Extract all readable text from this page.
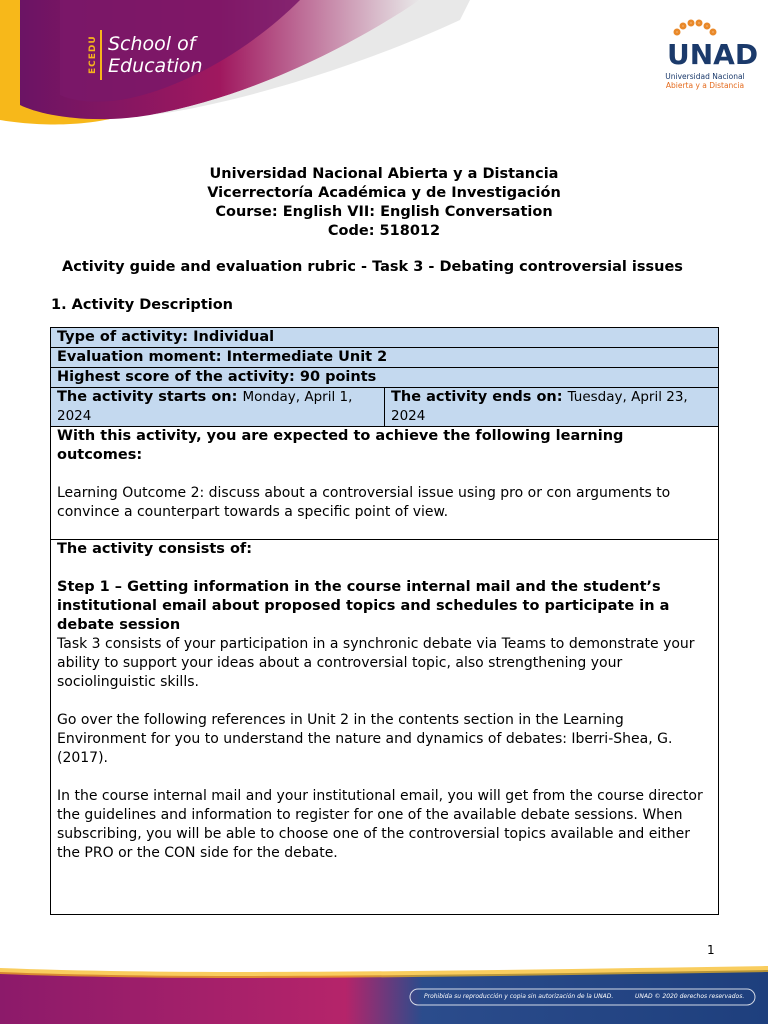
ECEDU School of
Education	UNAD
Universidad Nacional
Abierta y a Distancia
Universidad Nacional Abierta y a Distancia
Vicerrectoría Académica y de Investigación
Course: English VII: English Conversation
Code: 518012
Activity guide and evaluation rubric - Task 3 - Debating controversial issues
1. Activity Description
Type of activity: Individual
Evaluation moment: Intermediate Unit 2
Highest score of the activity: 90 points
The activity starts on: Monday, April 1, 2024	The activity ends on: Tuesday, April 23, 2024

With this activity, you are expected to achieve the following learning outcomes:

Learning Outcome 2: discuss about a controversial issue using pro or con arguments to convince a counterpart towards a specific point of view.

The activity consists of:

Step 1 – Getting information in the course internal mail and the student’s institutional email about proposed topics and schedules to participate in a debate session

Task 3 consists of your participation in a synchronic debate via Teams to demonstrate your ability to support your ideas about a controversial topic, also strengthening your sociolinguistic skills.

Go over the following references in Unit 2 in the contents section in the Learning Environment for you to understand the nature and dynamics of debates: Iberri-Shea, G. (2017).

In the course internal mail and your institutional email, you will get from the course director the guidelines and information to register for one of the available debate sessions. When subscribing, you will be able to choose one of the controversial topics available and either the PRO or the CON side for the debate.

1
Prohibida su reproducción y copia sin autorización de la UNAD.	UNAD © 2020 derechos reservados.
